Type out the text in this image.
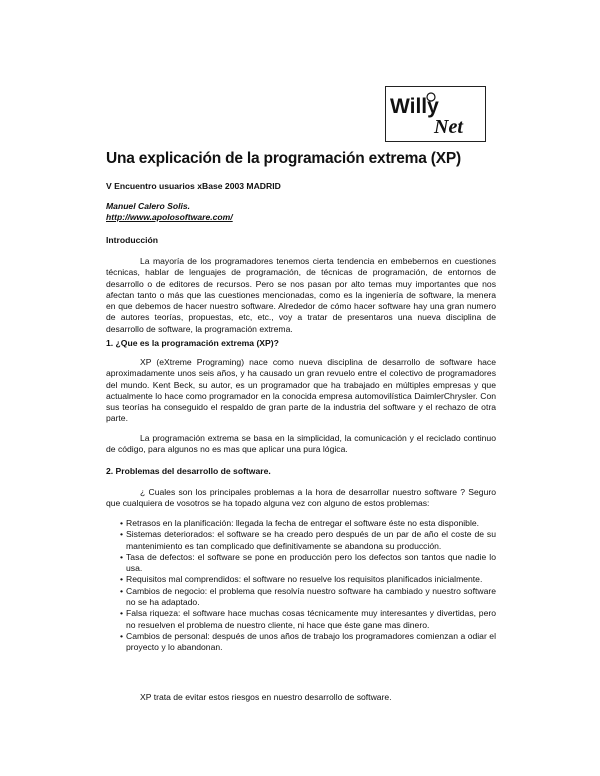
Willy
Net
Una explicación de la programación extrema (XP)
V Encuentro usuarios xBase 2003 MADRID
Manuel Calero Solis.
http://www.apolosoftware.com/
Introducción

La mayoría de los programadores tenemos cierta tendencia en embebernos en cuestiones técnicas, hablar de lenguajes de programación, de técnicas de programación, de entornos de desarrollo o de editores de recursos. Pero se nos pasan por alto temas muy importantes que nos afectan tanto o más que las cuestiones mencionadas, como es la ingeniería de software, la menera en que debemos de hacer nuestro software. Alrededor de cómo hacer software hay una gran numero de autores teorías, propuestas, etc, etc., voy a tratar de presentaros una nueva disciplina de desarrollo de software, la programación extrema.

1. ¿Que es la programación extrema (XP)?

XP (eXtreme Programing) nace como nueva disciplina de desarrollo de software hace aproximadamente unos seis años, y ha causado un gran revuelo entre el colectivo de programadores del mundo. Kent Beck, su autor, es un programador que ha trabajado en múltiples empresas y que actualmente lo hace como programador en la conocida empresa automovilística DaimlerChrysler. Con sus teorías ha conseguido el respaldo de gran parte de la industria del software y el rechazo de otra parte.

La programación extrema se basa en la simplicidad, la comunicación y el reciclado continuo de código, para algunos no es mas que aplicar una pura lógica.

2. Problemas del desarrollo de software.

¿ Cuales son los principales problemas a la hora de desarrollar nuestro software ? Seguro que cualquiera de vosotros se ha topado alguna vez con alguno de estos problemas:

• Retrasos en la planificación: llegada la fecha de entregar el software éste no esta disponible.
• Sistemas deteriorados: el software se ha creado pero después de un par de año el coste de su mantenimiento es tan complicado que definitivamente se abandona su producción.
• Tasa de defectos: el software se pone en producción pero los defectos son tantos que nadie lo usa.
• Requisitos mal comprendidos: el software no resuelve los requisitos planificados inicialmente.
• Cambios de negocio: el problema que resolvía nuestro software ha cambiado y nuestro software no se ha adaptado.
• Falsa riqueza: el software hace muchas cosas técnicamente muy interesantes y divertidas, pero no resuelven el problema de nuestro cliente, ni hace que éste gane mas dinero.
• Cambios de personal: después de unos años de trabajo los programadores comienzan a odiar el proyecto y lo abandonan.

XP trata de evitar estos riesgos en nuestro desarrollo de software.
